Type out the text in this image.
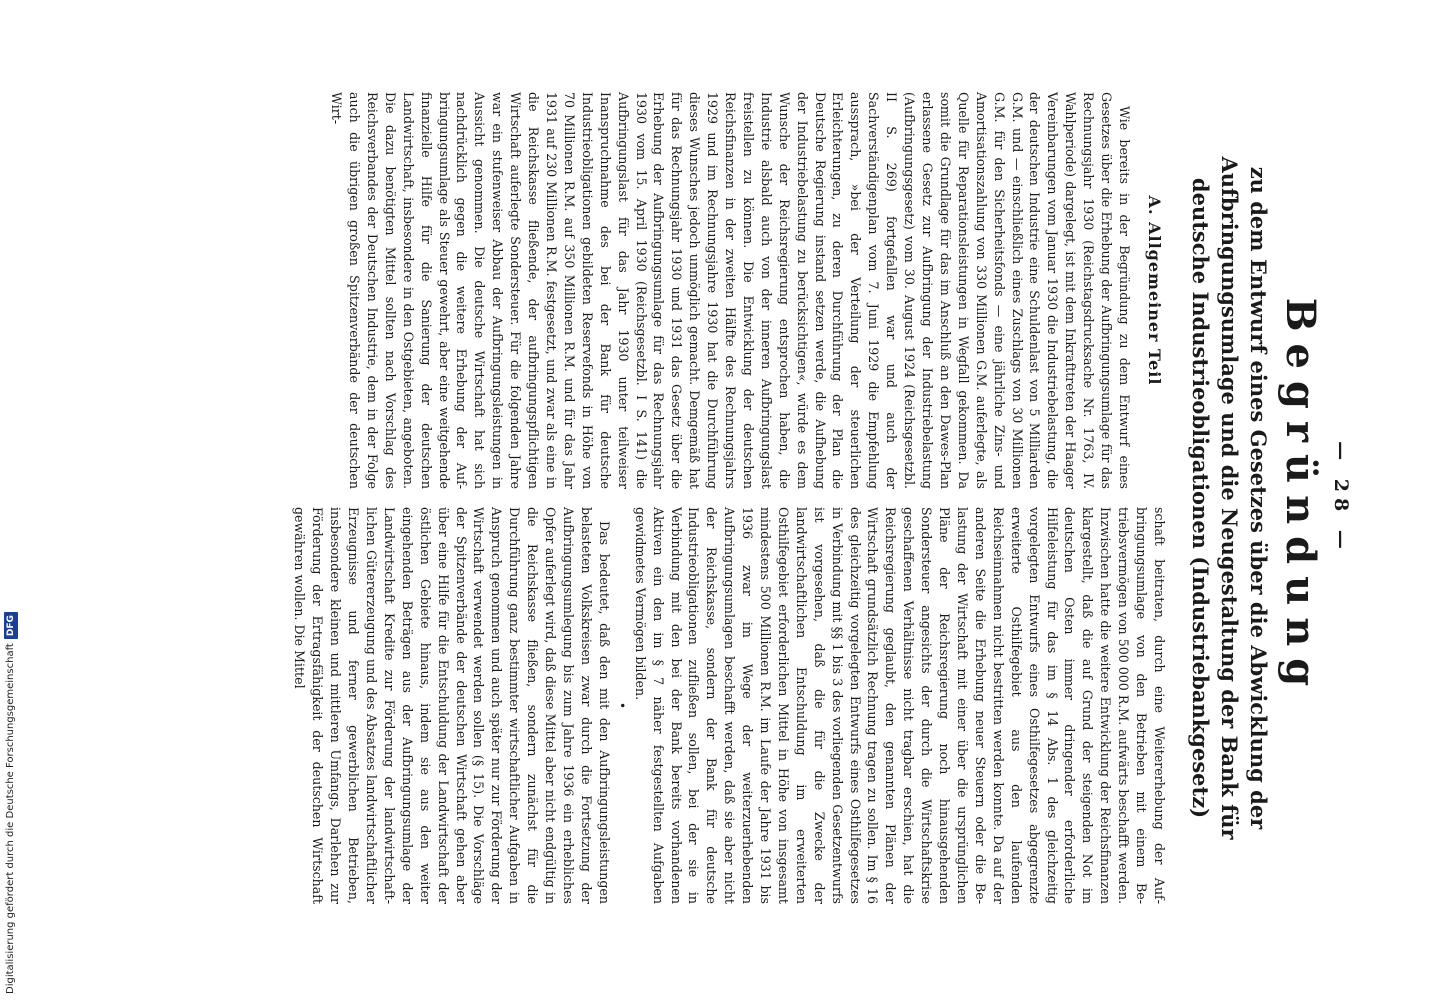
— 28 —
Begründung
zu dem Entwurf eines Gesetzes über die Abwicklung der Aufbringungsumlage und die Neugestaltung der Bank für deutsche Industrieobligationen (Industriebankgesetz)
A. Allgemeiner Teil

Wie bereits in der Begründung zu dem Entwurf eines Gesetzes über die Erhebung der Aufbringungsumlage für das Rechnungsjahr 1930 (Reichstagsdrucksache Nr. 1763, IV. Wahlperiode) dargelegt, ist mit dem Inkrafttreten der Haager Vereinbarungen vom Januar 1930 die Industriebelastung, die der deutschen Industrie eine Schuldenlast von 5 Milliarden G.M. und — einschließlich eines Zuschlags von 30 Millionen G.M. für den Sicherheitsfonds — eine jährliche Zins- und Amortisationszahlung von 330 Millionen G.M. auferlegte, als Quelle für Reparationsleistungen in Wegfall gekommen. Da somit die Grundlage für das im Anschluß an den Dawes-Plan erlassene Gesetz zur Aufbringung der Industriebelastung (Aufbringungsgesetz) vom 30. August 1924 (Reichsgesetzbl. II S. 269) fortgefallen war und auch der Sachverständigenplan vom 7. Juni 1929 die Empfehlung aussprach, »bei der Verteilung der steuerlichen Erleichterungen, zu deren Durchführung der Plan die Deutsche Regierung instand setzen werde, die Aufhebung der Industriebelastung zu berücksichtigen«, würde es dem Wunsche der Reichsregierung entsprochen haben, die Industrie alsbald auch von der inneren Aufbringungslast freistellen zu können. Die Entwicklung der deutschen Reichsfinanzen in der zweiten Hälfte des Rechnungsjahrs 1929 und im Rechnungsjahre 1930 hat die Durchführung dieses Wunsches jedoch unmöglich gemacht. Demgemäß hat für das Rechnungsjahr 1930 und 1931 das Gesetz über die Erhebung der Aufbringungsumlage für das Rechnungsjahr 1930 vom 15. April 1930 (Reichsgesetzbl. I S. 141) die Aufbringungslast für das Jahr 1930 unter teilweiser Inanspruchnahme des bei der Bank für deutsche Industrieobligationen gebildeten Reservefonds in Höhe von 70 Millionen R.M. auf 350 Millionen R.M. und für das Jahr 1931 auf 230 Millionen R.M. festgesetzt, und zwar als eine in die Reichskasse fließende, der aufbringungspflichtigen Wirtschaft auferlegte Sondersteuer. Für die folgenden Jahre war ein stufenweiser Abbau der Aufbringungsleistungen in Aussicht genommen. Die deutsche Wirtschaft hat sich nachdrücklich gegen die weitere Erhebung der Aufbringungsumlage als Steuer gewehrt, aber eine weitgehende finanzielle Hilfe für die Sanierung der deutschen Landwirtschaft, insbesondere in den Ostgebieten, angeboten. Die dazu benötigten Mittel sollten nach Vorschlag des Reichsverbandes der Deutschen Industrie, dem in der Folge auch die übrigen großen Spitzenverbände der deutschen Wirt-

schaft beitraten, durch eine Weitererhebung der Aufbringungsumlage von den Betrieben mit einem Betriebsvermögen von 500 000 R.M. aufwärts beschafft werden. Inzwischen hatte die weitere Entwicklung der Reichsfinanzen klargestellt, daß die auf Grund der steigenden Not im deutschen Osten immer dringender erforderliche Hilfeleistung für das im § 14 Abs. 1 des gleichzeitig vorgelegten Entwurfs eines Osthilfegesetzes abgegrenzte erweiterte Osthilfegebiet aus den laufenden Reichseinnahmen nicht bestritten werden konnte. Da auf der anderen Seite die Erhebung neuer Steuern oder die Belastung der Wirtschaft mit einer über die ursprünglichen Pläne der Reichsregierung noch hinausgehenden Sondersteuer angesichts der durch die Wirtschaftskrise geschaffenen Verhältnisse nicht tragbar erschien, hat die Reichsregierung geglaubt, den genannten Plänen der Wirtschaft grundsätzlich Rechnung tragen zu sollen. Im § 16 des gleichzeitig vorgelegten Entwurfs eines Osthilfegesetzes in Verbindung mit §§ 1 bis 3 des vorliegenden Gesetzentwurfs ist vorgesehen, daß die für die Zwecke der landwirtschaftlichen Entschuldung im erweiterten Osthilfegebiet erforderlichen Mittel in Höhe von insgesamt mindestens 500 Millionen R.M. im Laufe der Jahre 1931 bis 1936 zwar im Wege der weiterzuerhebenden Aufbringungsumlagen beschafft werden, daß sie aber nicht der Reichskasse, sondern der Bank für deutsche Industrieobligationen zufließen sollen, bei der sie in Verbindung mit den bei der Bank bereits vorhandenen Aktiven ein den im § 7 näher festgestellten Aufgaben gewidmetes Vermögen bilden.

•

Das bedeutet, daß den mit den Aufbringungsleistungen belasteten Volkskreisen zwar durch die Fortsetzung der Aufbringungsumlegung bis zum Jahre 1936 ein erhebliches Opfer auferlegt wird, daß diese Mittel aber nicht endgültig in die Reichskasse fließen, sondern zunächst für die Durchführung ganz bestimmter wirtschaftlicher Aufgaben in Anspruch genommen und auch später nur zur Förderung der Wirtschaft verwendet werden sollen (§ 15). Die Vorschläge der Spitzenverbände der deutschen Wirtschaft gehen aber über eine Hilfe für die Entschuldung der Landwirtschaft der östlichen Gebiete hinaus, indem sie aus den weiter eingehenden Beträgen aus der Aufbringungsumlage der Landwirtschaft Kredite zur Förderung der landwirtschaftlichen Gütererzeugung und des Absatzes landwirtschaftlicher Erzeugnisse und ferner gewerblichen Betrieben, insbesondere kleinen und mittleren Umfangs, Darlehen zur Förderung der Ertragsfähigkeit der deutschen Wirtschaft gewähren wollen. Die Mittel

Digitalisierung gefördert durch die Deutsche Forschungsgemeinschaft
DFG
